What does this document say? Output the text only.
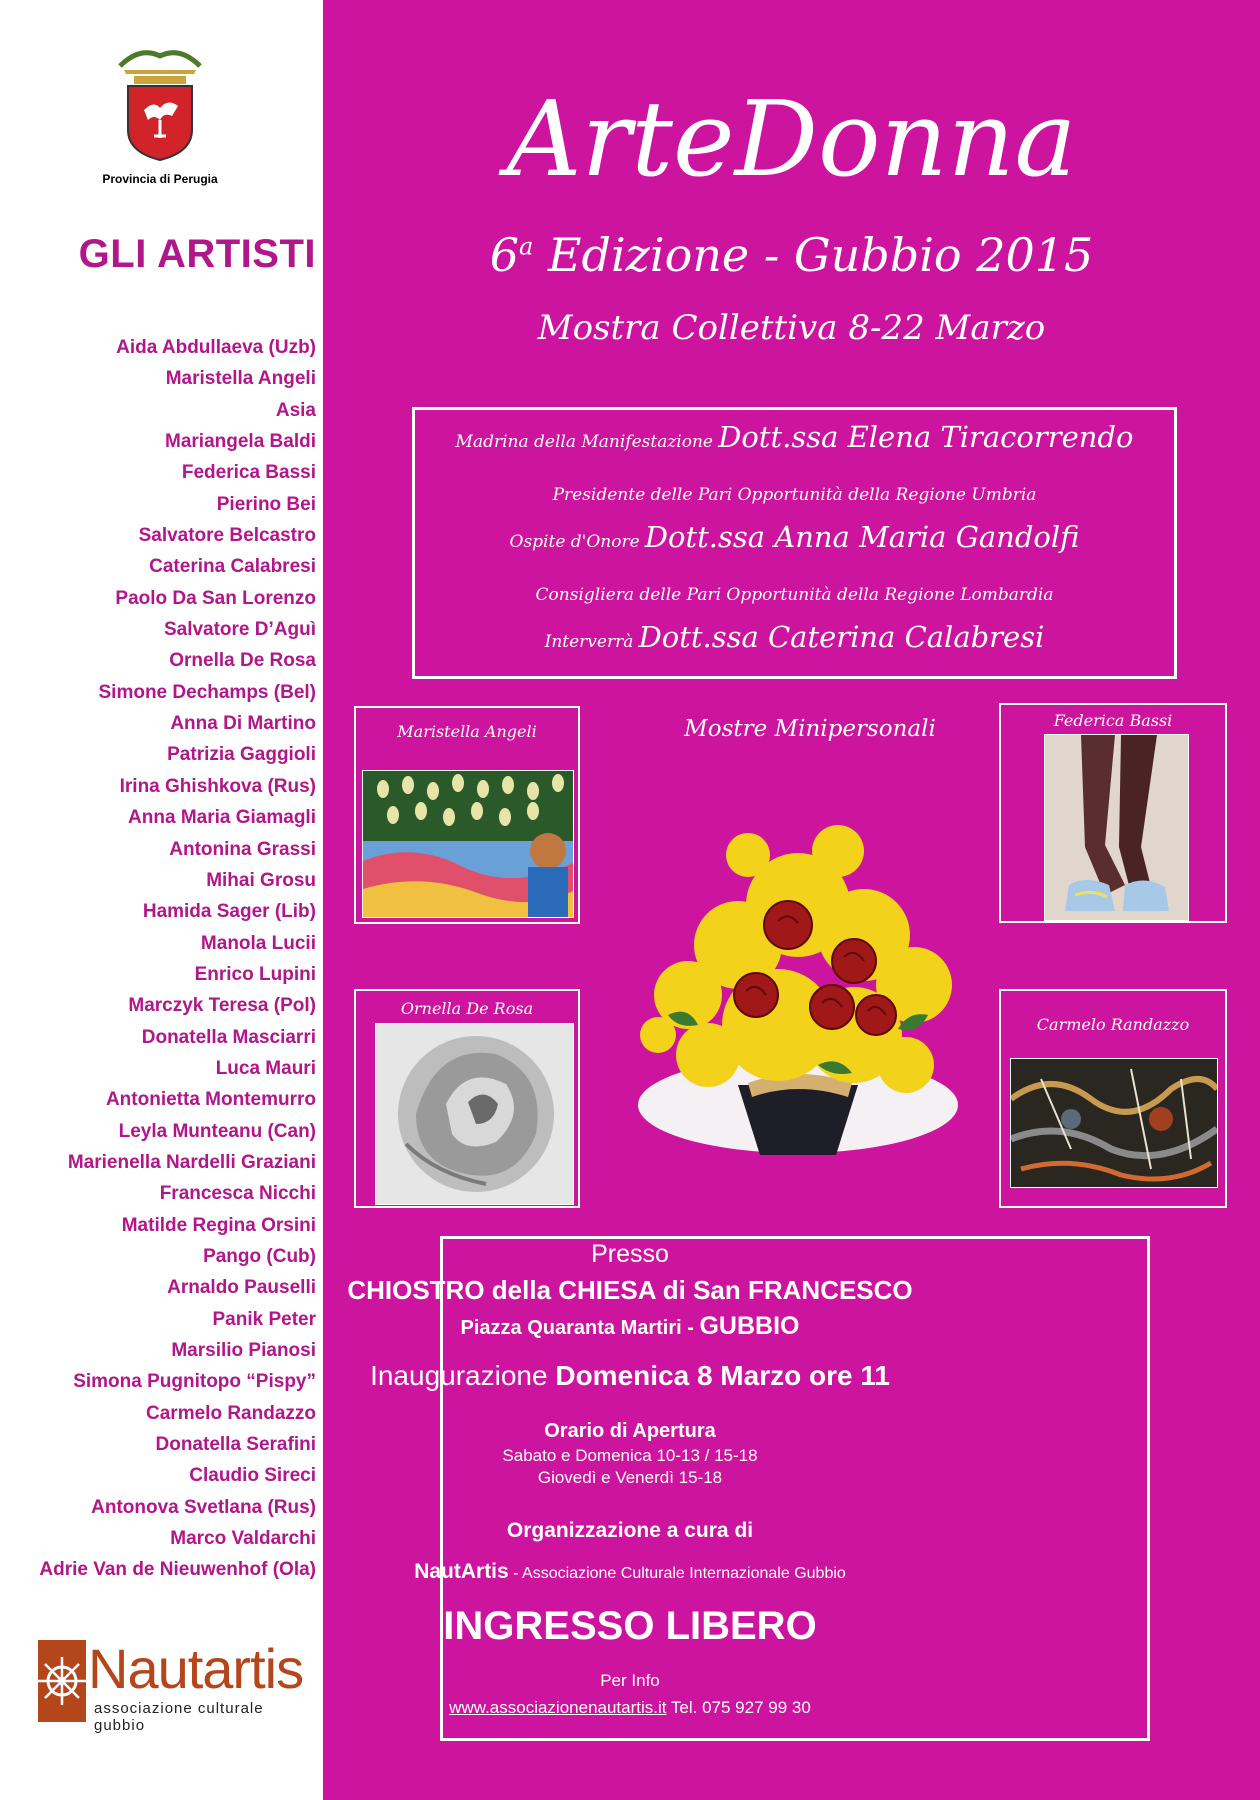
Provincia di Perugia
GLI ARTISTI
Aida Abdullaeva (Uzb)
Maristella Angeli
Asia
Mariangela Baldi
Federica Bassi
Pierino Bei
Salvatore Belcastro
Caterina Calabresi
Paolo Da San Lorenzo
Salvatore D’Aguì
Ornella De Rosa
Simone Dechamps (Bel)
Anna Di Martino
Patrizia Gaggioli
Irina Ghishkova (Rus)
Anna Maria Giamagli
Antonina Grassi
Mihai Grosu
Hamida Sager (Lib)
Manola Lucii
Enrico Lupini
Marczyk Teresa (Pol)
Donatella Masciarri
Luca Mauri
Antonietta Montemurro
Leyla Munteanu (Can)
Marienella Nardelli Graziani
Francesca Nicchi
Matilde Regina Orsini
Pango (Cub)
Arnaldo Pauselli
Panik Peter
Marsilio Pianosi
Simona Pugnitopo “Pispy”
Carmelo Randazzo
Donatella Serafini
Claudio Sireci
Antonova Svetlana (Rus)
Marco Valdarchi
Adrie Van de Nieuwenhof (Ola)
Nautartis
associazione culturale gubbio
ArteDonna
6$^a$ Edizione - Gubbio 2015
Mostra Collettiva 8-22 Marzo
Madrina della Manifestazione Dott.ssa Elena Tiracorrendo
Presidente delle Pari Opportunità della Regione Umbria
Ospite d'Onore Dott.ssa Anna Maria Gandolfi
Consigliera delle Pari Opportunità della Regione Lombardia
Interverrà Dott.ssa Caterina Calabresi
Maristella Angeli
Federica Bassi
Mostre Minipersonali
Ornella De Rosa
Carmelo Randazzo
Presso
CHIOSTRO della CHIESA di San FRANCESCO
Piazza Quaranta Martiri - GUBBIO
Inaugurazione Domenica 8 Marzo ore 11
Orario di Apertura
Sabato e Domenica 10-13 / 15-18
Giovedì e Venerdì 15-18
Organizzazione a cura di
NautArtis - Associazione Culturale Internazionale Gubbio
INGRESSO LIBERO
Per Info
www.associazionenautartis.it Tel. 075 927 99 30
